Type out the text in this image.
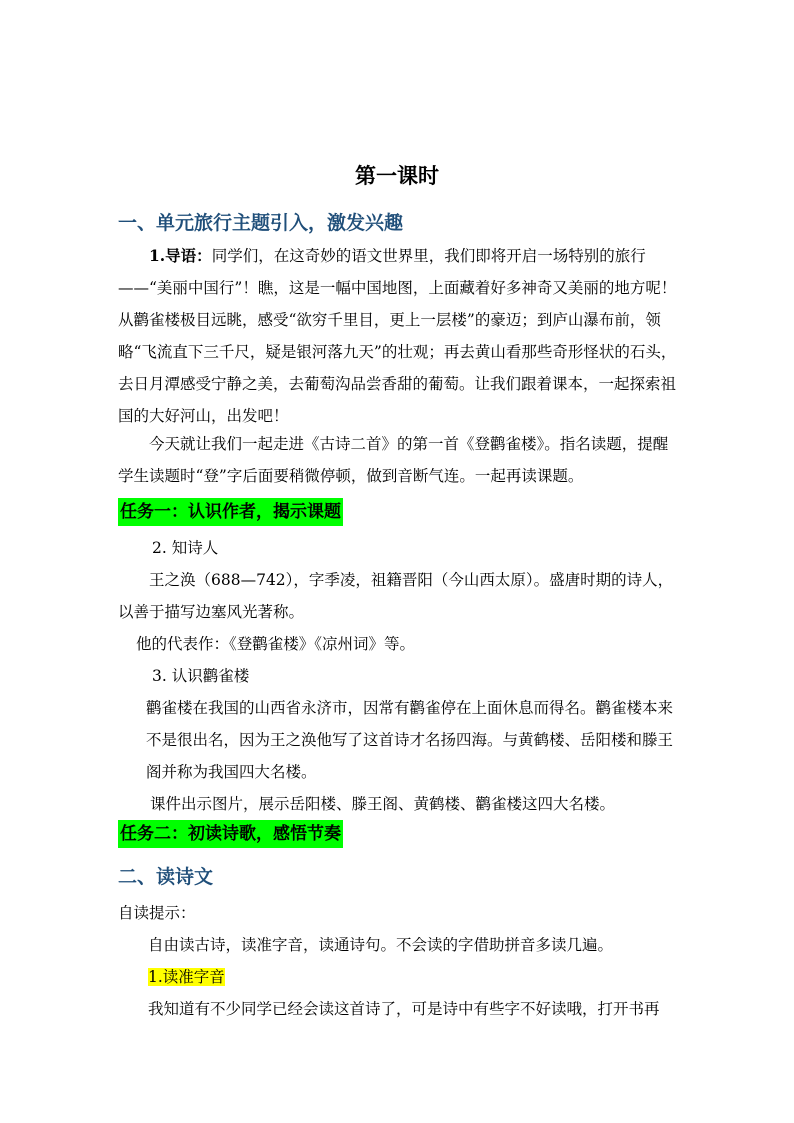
第一课时
一、单元旅行主题引入，激发兴趣

1.导语：同学们，在这奇妙的语文世界里，我们即将开启一场特别的旅行——“美丽中国行”！瞧，这是一幅中国地图，上面藏着好多神奇又美丽的地方呢！从鹳雀楼极目远眺，感受“欲穷千里目，更上一层楼”的豪迈；到庐山瀑布前，领略“飞流直下三千尺，疑是银河落九天”的壮观；再去黄山看那些奇形怪状的石头，去日月潭感受宁静之美，去葡萄沟品尝香甜的葡萄。让我们跟着课本，一起探索祖国的大好河山，出发吧！

今天就让我们一起走进《古诗二首》的第一首《登鹳雀楼》。指名读题，提醒学生读题时“登”字后面要稍微停顿，做到音断气连。一起再读课题。

任务一：认识作者，揭示课题

2. 知诗人

王之涣（688—742），字季凌，祖籍晋阳（今山西太原）。盛唐时期的诗人，以善于描写边塞风光著称。

他的代表作：《登鹳雀楼》《凉州词》等。

3. 认识鹳雀楼

鹳雀楼在我国的山西省永济市，因常有鹳雀停在上面休息而得名。鹳雀楼本来不是很出名，因为王之涣他写了这首诗才名扬四海。与黄鹤楼、岳阳楼和滕王阁并称为我国四大名楼。

课件出示图片，展示岳阳楼、滕王阁、黄鹤楼、鹳雀楼这四大名楼。

任务二：初读诗歌，感悟节奏
二、读诗文

自读提示：

自由读古诗，读准字音，读通诗句。不会读的字借助拼音多读几遍。

1.读准字音

我知道有不少同学已经会读这首诗了，可是诗中有些字不好读哦，打开书再
